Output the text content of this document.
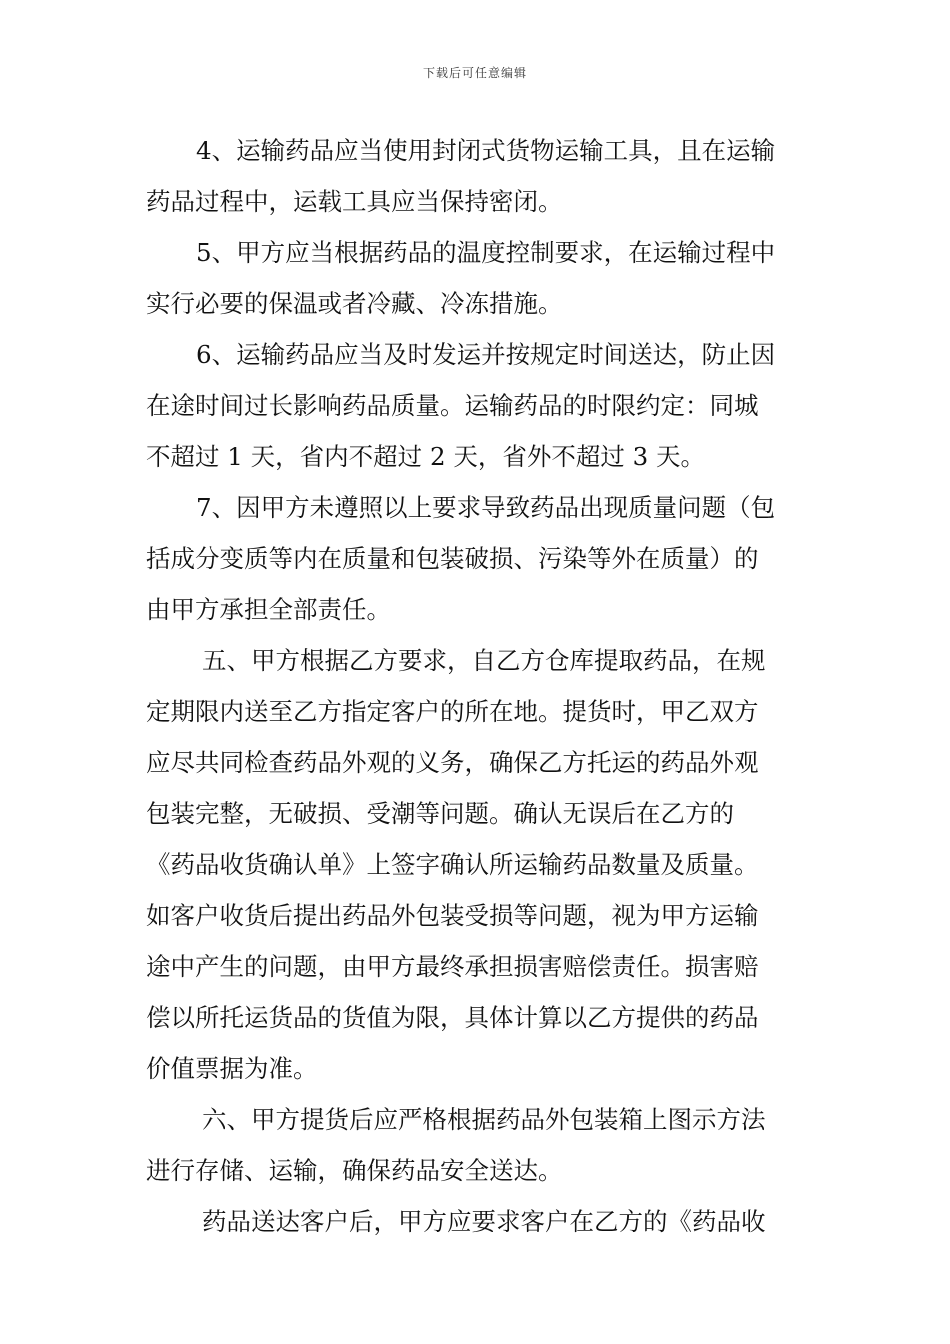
下载后可任意编辑
4、运输药品应当使用封闭式货物运输工具，且在运输
药品过程中，运载工具应当保持密闭。
5、甲方应当根据药品的温度控制要求，在运输过程中
实行必要的保温或者冷藏、冷冻措施。
6、运输药品应当及时发运并按规定时间送达，防止因
在途时间过长影响药品质量。运输药品的时限约定：同城
不超过 1 天，省内不超过 2 天，省外不超过 3 天。
7、因甲方未遵照以上要求导致药品出现质量问题（包
括成分变质等内在质量和包装破损、污染等外在质量）的
由甲方承担全部责任。
五、甲方根据乙方要求，自乙方仓库提取药品，在规
定期限内送至乙方指定客户的所在地。提货时，甲乙双方
应尽共同检查药品外观的义务，确保乙方托运的药品外观
包装完整，无破损、受潮等问题。确认无误后在乙方的
《药品收货确认单》上签字确认所运输药品数量及质量。
如客户收货后提出药品外包装受损等问题，视为甲方运输
途中产生的问题，由甲方最终承担损害赔偿责任。损害赔
偿以所托运货品的货值为限，具体计算以乙方提供的药品
价值票据为准。
六、甲方提货后应严格根据药品外包装箱上图示方法
进行存储、运输，确保药品安全送达。
药品送达客户后，甲方应要求客户在乙方的《药品收
